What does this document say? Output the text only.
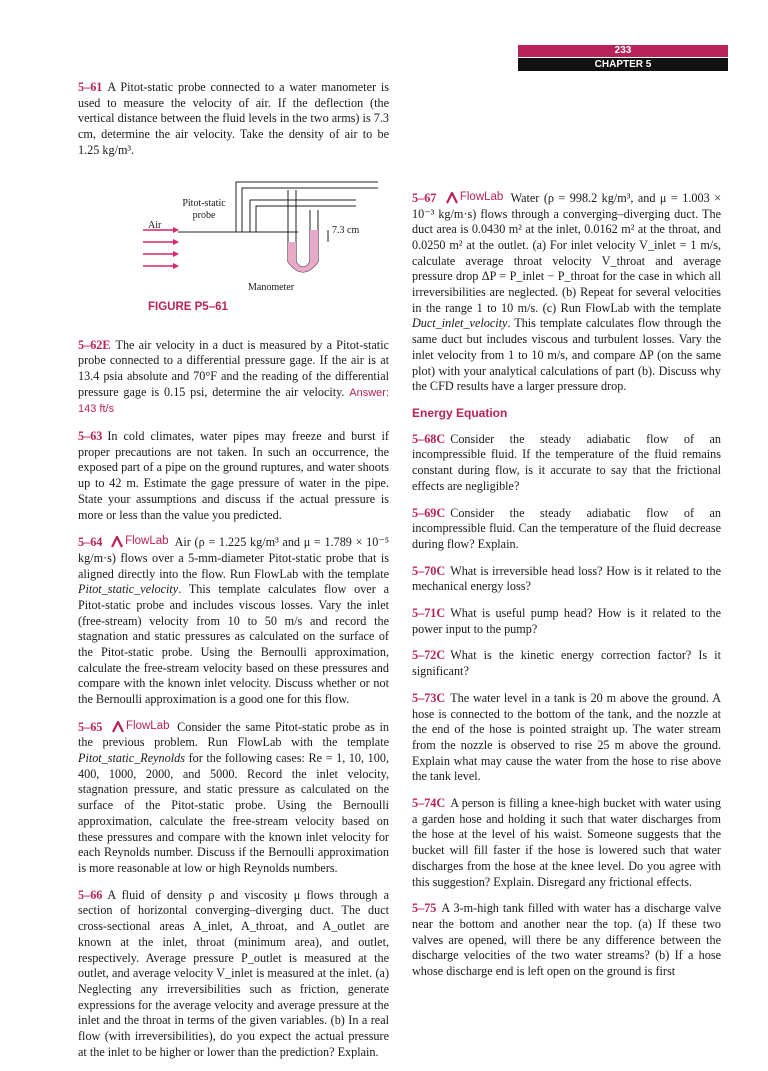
233
CHAPTER 5

5–61 A Pitot-static probe connected to a water manometer is used to measure the velocity of air. If the deflection (the vertical distance between the fluid levels in the two arms) is 7.3 cm, determine the air velocity. Take the density of air to be 1.25 kg/m³.

Air
Pitot-static
probe
7.3 cm
Manometer
FIGURE P5–61

5–62E The air velocity in a duct is measured by a Pitot-static probe connected to a differential pressure gage. If the air is at 13.4 psia absolute and 70°F and the reading of the differential pressure gage is 0.15 psi, determine the air velocity. Answer: 143 ft/s

5–63 In cold climates, water pipes may freeze and burst if proper precautions are not taken. In such an occurrence, the exposed part of a pipe on the ground ruptures, and water shoots up to 42 m. Estimate the gage pressure of water in the pipe. State your assumptions and discuss if the actual pressure is more or less than the value you predicted.

5–64 FlowLab Air (ρ = 1.225 kg/m³ and μ = 1.789 × 10⁻⁵ kg/m·s) flows over a 5-mm-diameter Pitot-static probe that is aligned directly into the flow. Run FlowLab with the template Pitot_static_velocity. This template calculates flow over a Pitot-static probe and includes viscous losses. Vary the inlet (free-stream) velocity from 10 to 50 m/s and record the stagnation and static pressures as calculated on the surface of the Pitot-static probe. Using the Bernoulli approximation, calculate the free-stream velocity based on these pressures and compare with the known inlet velocity. Discuss whether or not the Bernoulli approximation is a good one for this flow.

5–65 FlowLab Consider the same Pitot-static probe as in the previous problem. Run FlowLab with the template Pitot_static_Reynolds for the following cases: Re = 1, 10, 100, 400, 1000, 2000, and 5000. Record the inlet velocity, stagnation pressure, and static pressure as calculated on the surface of the Pitot-static probe. Using the Bernoulli approximation, calculate the free-stream velocity based on these pressures and compare with the known inlet velocity for each Reynolds number. Discuss if the Bernoulli approximation is more reasonable at low or high Reynolds numbers.

5–66 A fluid of density ρ and viscosity μ flows through a section of horizontal converging–diverging duct. The duct cross-sectional areas A_inlet, A_throat, and A_outlet are known at the inlet, throat (minimum area), and outlet, respectively. Average pressure P_outlet is measured at the outlet, and average velocity V_inlet is measured at the inlet. (a) Neglecting any irreversibilities such as friction, generate expressions for the average velocity and average pressure at the inlet and the throat in terms of the given variables. (b) In a real flow (with irreversibilities), do you expect the actual pressure at the inlet to be higher or lower than the prediction? Explain.

5–67 FlowLab Water (ρ = 998.2 kg/m³, and μ = 1.003 × 10⁻³ kg/m·s) flows through a converging–diverging duct. The duct area is 0.0430 m² at the inlet, 0.0162 m² at the throat, and 0.0250 m² at the outlet. (a) For inlet velocity V_inlet = 1 m/s, calculate average throat velocity V_throat and average pressure drop ΔP = P_inlet − P_throat for the case in which all irreversibilities are neglected. (b) Repeat for several velocities in the range 1 to 10 m/s. (c) Run FlowLab with the template Duct_inlet_velocity. This template calculates flow through the same duct but includes viscous and turbulent losses. Vary the inlet velocity from 1 to 10 m/s, and compare ΔP (on the same plot) with your analytical calculations of part (b). Discuss why the CFD results have a larger pressure drop.

Energy Equation

5–68C Consider the steady adiabatic flow of an incompressible fluid. If the temperature of the fluid remains constant during flow, is it accurate to say that the frictional effects are negligible?

5–69C Consider the steady adiabatic flow of an incompressible fluid. Can the temperature of the fluid decrease during flow? Explain.

5–70C What is irreversible head loss? How is it related to the mechanical energy loss?

5–71C What is useful pump head? How is it related to the power input to the pump?

5–72C What is the kinetic energy correction factor? Is it significant?

5–73C The water level in a tank is 20 m above the ground. A hose is connected to the bottom of the tank, and the nozzle at the end of the hose is pointed straight up. The water stream from the nozzle is observed to rise 25 m above the ground. Explain what may cause the water from the hose to rise above the tank level.

5–74C A person is filling a knee-high bucket with water using a garden hose and holding it such that water discharges from the hose at the level of his waist. Someone suggests that the bucket will fill faster if the hose is lowered such that water discharges from the hose at the knee level. Do you agree with this suggestion? Explain. Disregard any frictional effects.

5–75 A 3-m-high tank filled with water has a discharge valve near the bottom and another near the top. (a) If these two valves are opened, will there be any difference between the discharge velocities of the two water streams? (b) If a hose whose discharge end is left open on the ground is first
